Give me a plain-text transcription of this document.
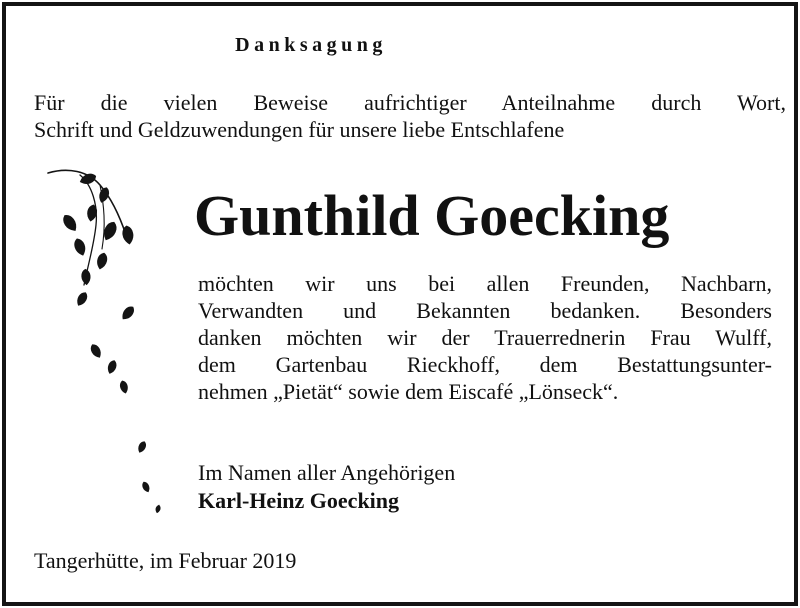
Danksagung
Für die vielen Beweise aufrichtiger Anteilnahme durch Wort,
Schrift und Geldzuwendungen für unsere liebe Entschlafene
Gunthild Goecking
möchten wir uns bei allen Freunden, Nachbarn,
Verwandten und Bekannten bedanken. Besonders
danken möchten wir der Trauerrednerin Frau Wulff,
dem Gartenbau Rieckhoff, dem Bestattungsunter-
nehmen „Pietät“ sowie dem Eiscafé „Lönseck“.
Im Namen aller Angehörigen
Karl-Heinz Goecking
Tangerhütte, im Februar 2019
